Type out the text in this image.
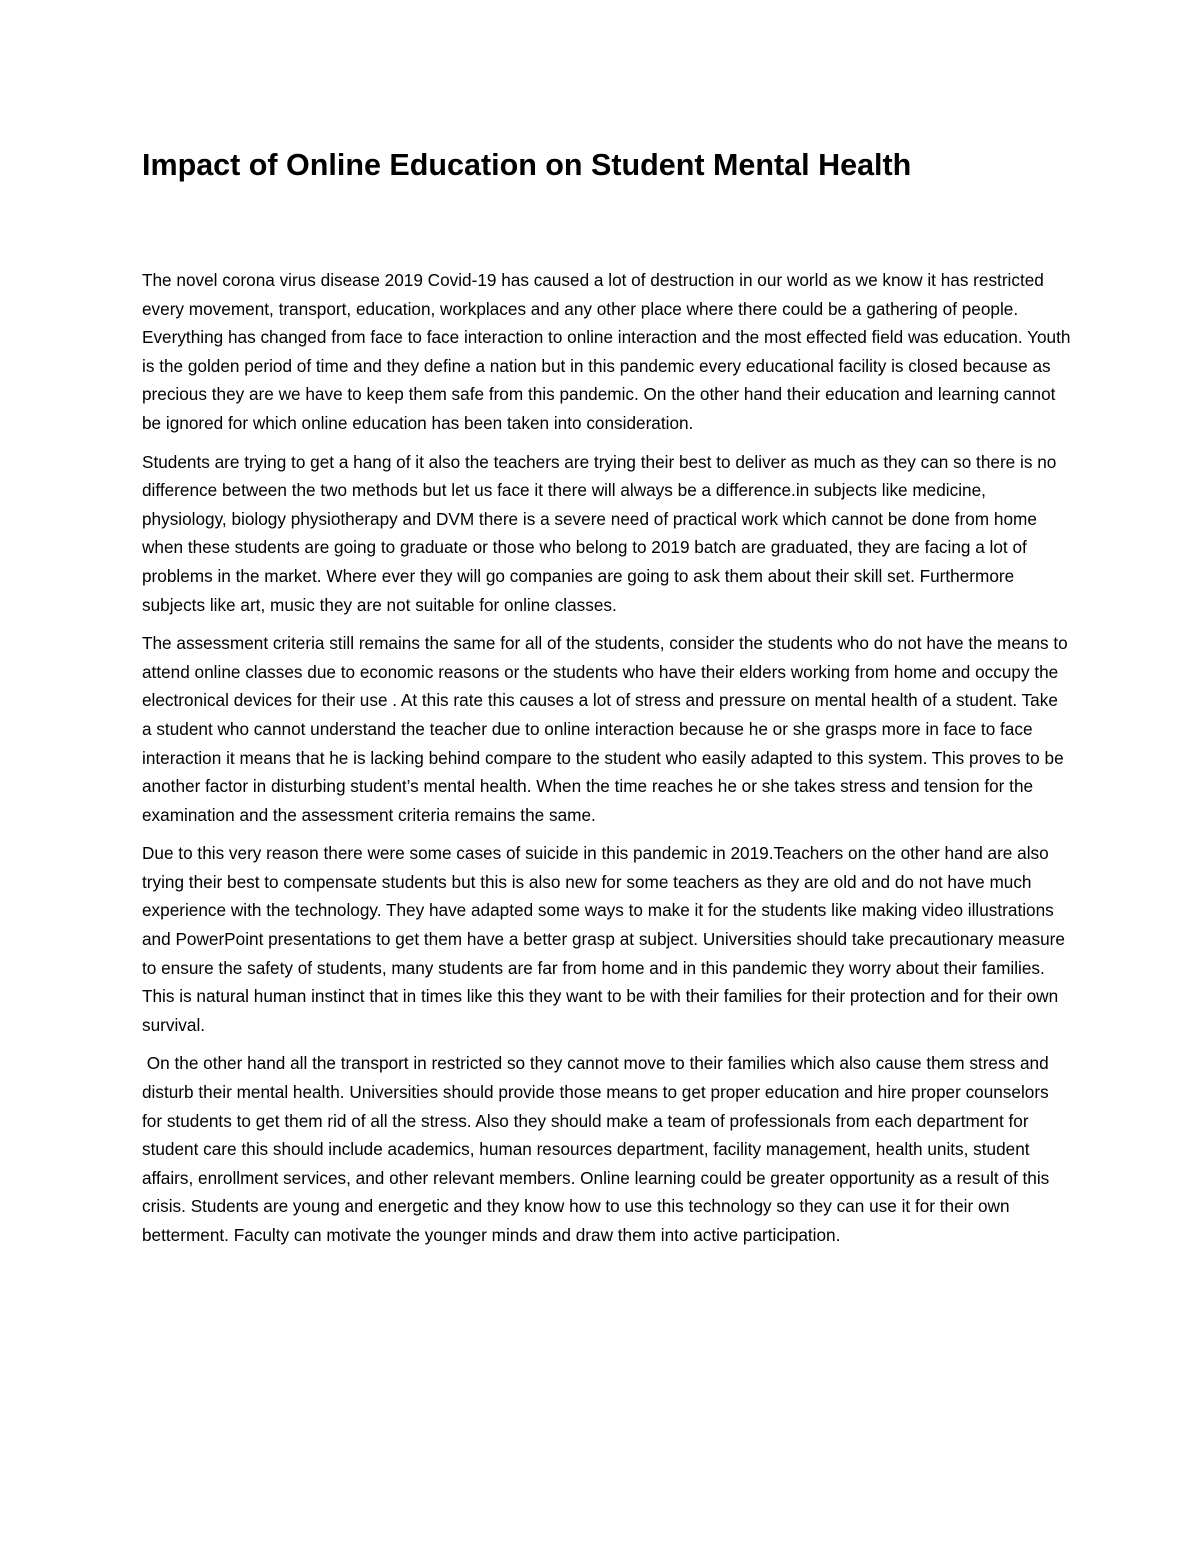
Impact of Online Education on Student Mental Health

The novel corona virus disease 2019 Covid-19 has caused a lot of destruction in our world as we know it has restricted every movement, transport, education, workplaces and any other place where there could be a gathering of people. Everything has changed from face to face interaction to online interaction and the most effected field was education. Youth is the golden period of time and they define a nation but in this pandemic every educational facility is closed because as precious they are we have to keep them safe from this pandemic. On the other hand their education and learning cannot be ignored for which online education has been taken into consideration.

Students are trying to get a hang of it also the teachers are trying their best to deliver as much as they can so there is no difference between the two methods but let us face it there will always be a difference.in subjects like medicine, physiology, biology physiotherapy and DVM there is a severe need of practical work which cannot be done from home when these students are going to graduate or those who belong to 2019 batch are graduated, they are facing a lot of problems in the market. Where ever they will go companies are going to ask them about their skill set. Furthermore subjects like art, music they are not suitable for online classes.

The assessment criteria still remains the same for all of the students, consider the students who do not have the means to attend online classes due to economic reasons or the students who have their elders working from home and occupy the electronical devices for their use . At this rate this causes a lot of stress and pressure on mental health of a student. Take a student who cannot understand the teacher due to online interaction because he or she grasps more in face to face interaction it means that he is lacking behind compare to the student who easily adapted to this system. This proves to be another factor in disturbing student’s mental health. When the time reaches he or she takes stress and tension for the examination and the assessment criteria remains the same.

Due to this very reason there were some cases of suicide in this pandemic in 2019.Teachers on the other hand are also trying their best to compensate students but this is also new for some teachers as they are old and do not have much experience with the technology. They have adapted some ways to make it for the students like making video illustrations and PowerPoint presentations to get them have a better grasp at subject. Universities should take precautionary measure to ensure the safety of students, many students are far from home and in this pandemic they worry about their families. This is natural human instinct that in times like this they want to be with their families for their protection and for their own survival.

On the other hand all the transport in restricted so they cannot move to their families which also cause them stress and disturb their mental health. Universities should provide those means to get proper education and hire proper counselors for students to get them rid of all the stress. Also they should make a team of professionals from each department for student care this should include academics, human resources department, facility management, health units, student affairs, enrollment services, and other relevant members. Online learning could be greater opportunity as a result of this crisis. Students are young and energetic and they know how to use this technology so they can use it for their own betterment. Faculty can motivate the younger minds and draw them into active participation.
